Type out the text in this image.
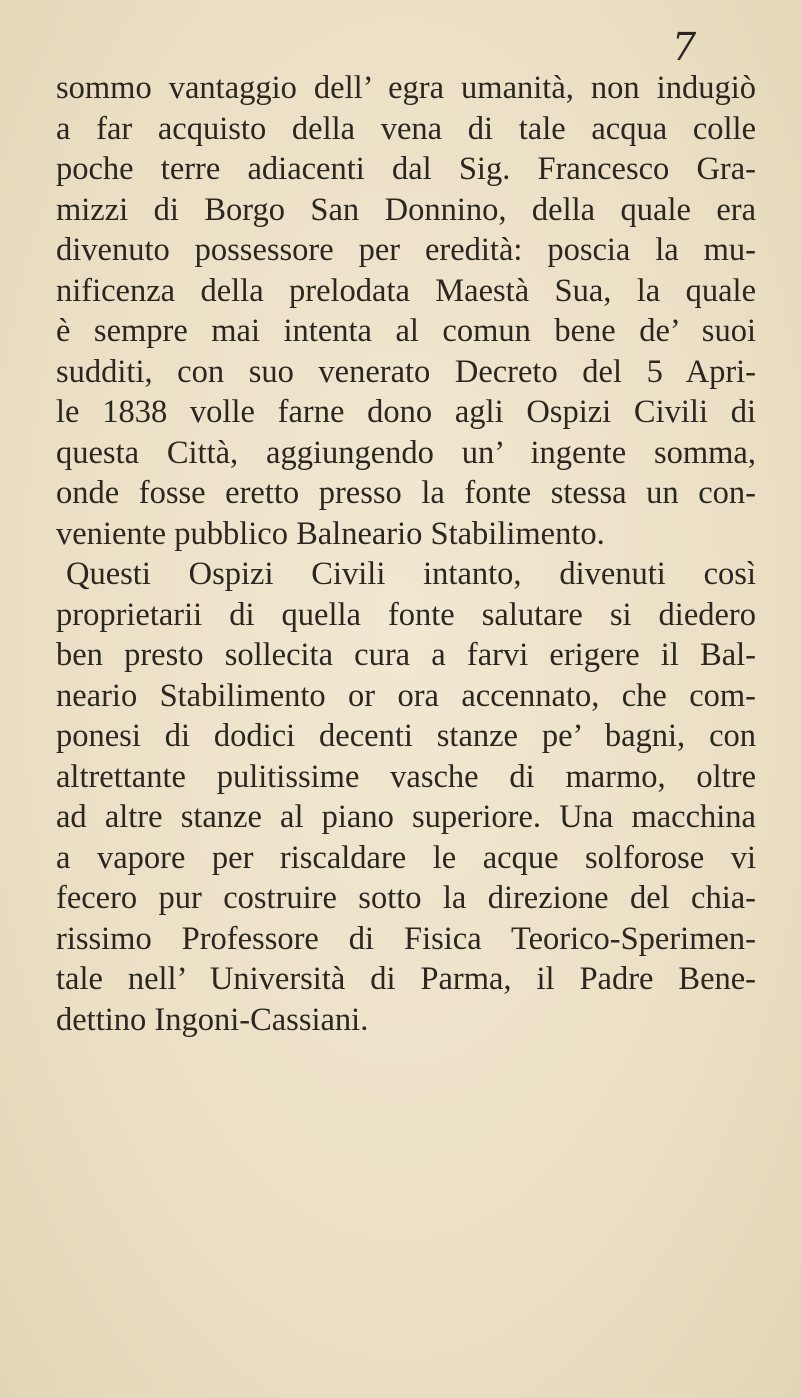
7
sommo vantaggio dell’ egra umanità, non indugiò
a far acquisto della vena di tale acqua colle
poche terre adiacenti dal Sig. Francesco Gra-
mizzi di Borgo San Donnino, della quale era
divenuto possessore per eredità: poscia la mu-
nificenza della prelodata Maestà Sua, la quale
è sempre mai intenta al comun bene de’ suoi
sudditi, con suo venerato Decreto del 5 Apri-
le 1838 volle farne dono agli Ospizi Civili di
questa Città, aggiungendo un’ ingente somma,
onde fosse eretto presso la fonte stessa un con-
veniente pubblico Balneario Stabilimento.
Questi Ospizi Civili intanto, divenuti così
proprietarii di quella fonte salutare si diedero
ben presto sollecita cura a farvi erigere il Bal-
neario Stabilimento or ora accennato, che com-
ponesi di dodici decenti stanze pe’ bagni, con
altrettante pulitissime vasche di marmo, oltre
ad altre stanze al piano superiore. Una macchina
a vapore per riscaldare le acque solforose vi
fecero pur costruire sotto la direzione del chia-
rissimo Professore di Fisica Teorico-Sperimen-
tale nell’ Università di Parma, il Padre Bene-
dettino Ingoni-Cassiani.
